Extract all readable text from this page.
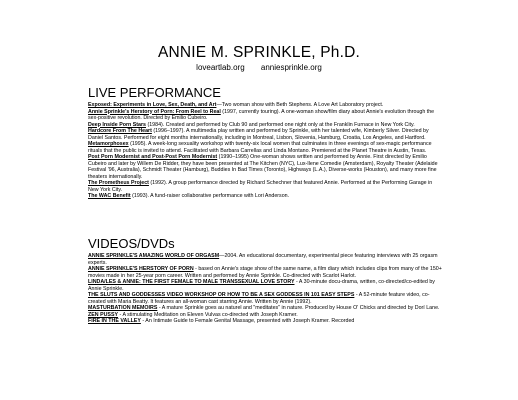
ANNIE M. SPRINKLE, Ph.D.
loveartlab.org anniesprinkle.org
LIVE PERFORMANCE

Exposed: Experiments in Love, Sex, Death, and Art—Two woman show with Beth Stephens. A Love Art Laboratory project.

Annie Sprinkle's Herstory of Porn: From Reel to Real (1997, currently touring). A one-woman show/film diary about Annie's evolution through the sex-positive revolution. Directed by Emilio Cubeiro.

Deep Inside Porn Stars (1984). Created and performed by Club 90 and performed one night only at the Franklin Furnace in New York City.

Hardcore From The Heart (1996–1997). A multimedia play written and performed by Sprinkle, with her talented wife, Kimberly Silver. Directed by Daniel Santos. Performed for eight months internationally, including in Montreal, Lisbon, Slovenia, Hamburg, Croatia, Los Angeles, and Hartford.

Metamorphosex (1995). A week-long sexuality workshop with twenty-six local women that culminates in three evenings of sex-magic performance rituals that the public is invited to attend. Facilitated with Barbara Carrellas and Linda Montano. Premiered at the Planet Theatre in Austin, Texas.

Post Porn Modernist and Post-Post Porn Modernist (1990–1995) One-woman shows written and performed by Annie. First directed by Emilio Cubeiro and later by Willem De Ridder, they have been presented at The Kitchen (NYC), Lux-Ilene Comedie (Amsterdam), Royalty Theater (Adelaide Festival '96, Australia), Schmidt Theater (Hamburg), Buddies In Bad Times (Toronto), Highways (L.A.), Diverse-works (Houston), and many more fine theaters internationally.

The Prometheus Project (1992). A group performance directed by Richard Schechner that featured Annie. Performed at the Performing Garage in New York City.

The WAC Benefit (1993). A fund-raiser collaborative performance with Lori Anderson.

VIDEOS/DVDs

ANNIE SPRINKLE'S AMAZING WORLD OF ORGASM—2004. An educational documentary, experimental piece featuring interviews with 25 orgasm experts.

ANNIE SPRINKLE'S HERSTORY OF PORN - based on Annie's stage show of the same name, a film diary which includes clips from many of the 150+ movies made in her 25-year porn career. Written and performed by Annie Sprinkle. Co-directed with Scarlot Harlot.

LINDA/LES & ANNIE: THE FIRST FEMALE TO MALE TRANSSEXUAL LOVE STORY - A 30-minute docu-drama, written, co-directed/co-edited by Annie Sprinkle.

THE SLUTS AND GODDESSES VIDEO WORKSHOP OR HOW TO BE A SEX GODDESS IN 101 EASY STEPS - A 52-minute feature video, co-created with Maria Beatty. It features an all-woman cast starring Annie. Written by Annie (1992).

MASTURBATION MEMOIRS - A mature Sprinkle goes au naturel and "meditates" in nature. Produced by House O' Chicks and directed by Dorí Lane.

ZEN PUSSY - A stimulating Meditation on Eleven Vulvas co-directed with Joseph Kramer.

FIRE IN THE VALLEY - An Intimate Guide to Female Genital Massage, presented with Joseph Kramer. Recorded
